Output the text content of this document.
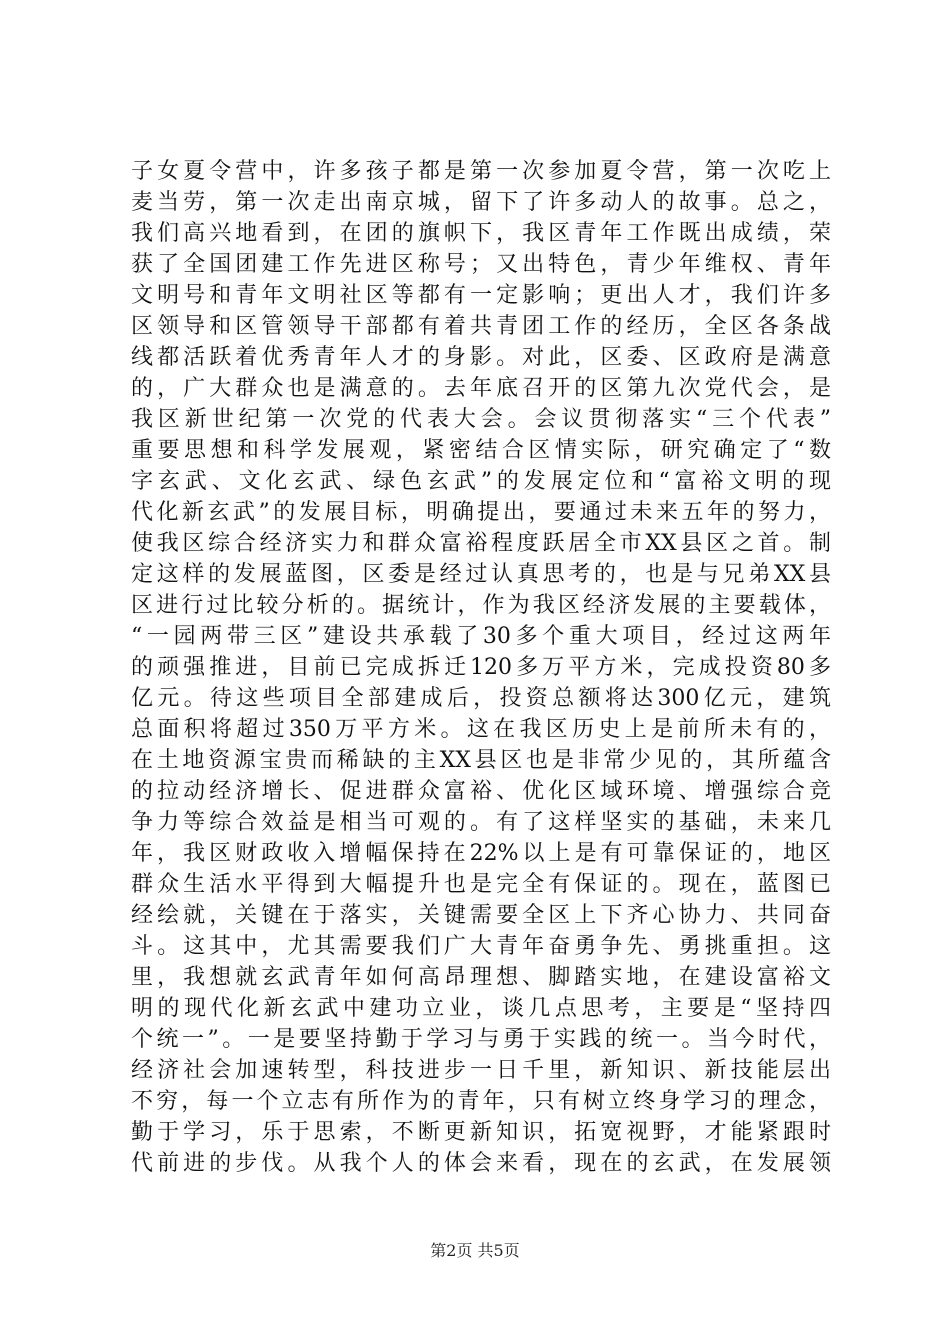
子女夏令营中，许多孩子都是第一次参加夏令营，第一次吃上
麦当劳，第一次走出南京城，留下了许多动人的故事。总之，
我们高兴地看到，在团的旗帜下，我区青年工作既出成绩，荣
获了全国团建工作先进区称号；又出特色，青少年维权、青年
文明号和青年文明社区等都有一定影响；更出人才，我们许多
区领导和区管领导干部都有着共青团工作的经历，全区各条战
线都活跃着优秀青年人才的身影。对此，区委、区政府是满意
的，广大群众也是满意的。去年底召开的区第九次党代会，是
我区新世纪第一次党的代表大会。会议贯彻落实“三个代表”
重要思想和科学发展观，紧密结合区情实际，研究确定了“数
字玄武、文化玄武、绿色玄武”的发展定位和“富裕文明的现
代化新玄武”的发展目标，明确提出，要通过未来五年的努力，
使我区综合经济实力和群众富裕程度跃居全市XX县区之首。制
定这样的发展蓝图，区委是经过认真思考的，也是与兄弟XX县
区进行过比较分析的。据统计，作为我区经济发展的主要载体，
“一园两带三区”建设共承载了30多个重大项目，经过这两年
的顽强推进，目前已完成拆迁120多万平方米，完成投资80多
亿元。待这些项目全部建成后，投资总额将达300亿元，建筑
总面积将超过350万平方米。这在我区历史上是前所未有的，
在土地资源宝贵而稀缺的主XX县区也是非常少见的，其所蕴含
的拉动经济增长、促进群众富裕、优化区域环境、增强综合竞
争力等综合效益是相当可观的。有了这样坚实的基础，未来几
年，我区财政收入增幅保持在22%以上是有可靠保证的，地区
群众生活水平得到大幅提升也是完全有保证的。现在，蓝图已
经绘就，关键在于落实，关键需要全区上下齐心协力、共同奋
斗。这其中，尤其需要我们广大青年奋勇争先、勇挑重担。这
里，我想就玄武青年如何高昂理想、脚踏实地，在建设富裕文
明的现代化新玄武中建功立业，谈几点思考，主要是“坚持四
个统一”。一是要坚持勤于学习与勇于实践的统一。当今时代，
经济社会加速转型，科技进步一日千里，新知识、新技能层出
不穷，每一个立志有所作为的青年，只有树立终身学习的理念，
勤于学习，乐于思索，不断更新知识，拓宽视野，才能紧跟时
代前进的步伐。从我个人的体会来看，现在的玄武，在发展领
第2页 共5页
